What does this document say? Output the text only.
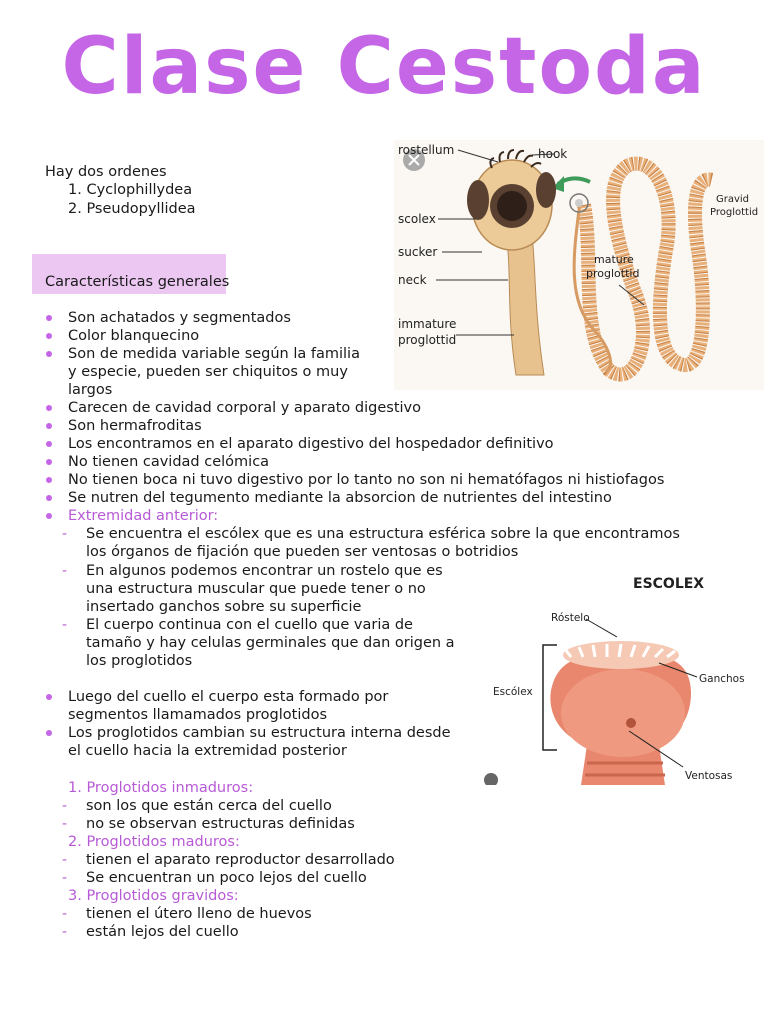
Clase Cestoda
Hay dos ordenes
1. Cyclophillydea
2. Pseudopyllidea
Características generales
Son achatados y segmentados
Color blanquecino
Son de medida variable según la familia
y especie, pueden ser chiquitos o muy
largos
Carecen de cavidad corporal y aparato digestivo
Son hermafroditas
Los encontramos en el aparato digestivo del hospedador definitivo
No tienen cavidad celómica
No tienen boca ni tuvo digestivo por lo tanto no son ni hematófagos ni histiofagos
Se nutren del tegumento mediante la absorcion de nutrientes del intestino
Extremidad anterior:
- Se encuentra el escólex que es una estructura esférica sobre la que encontramos
los órganos de fijación que pueden ser ventosas o botridios
- En algunos podemos encontrar un rostelo que es
una estructura muscular que puede tener o no
insertado ganchos sobre su superficie
- El cuerpo continua con el cuello que varia de
tamaño y hay celulas germinales que dan origen a
los proglotidos
Luego del cuello el cuerpo esta formado por
segmentos llamamados proglotidos
Los proglotidos cambian su estructura interna desde
el cuello hacia la extremidad posterior
1. Proglotidos inmaduros:
- son los que están cerca del cuello
- no se observan estructuras definidas
2. Proglotidos maduros:
- tienen el aparato reproductor desarrollado
- Se encuentran un poco lejos del cuello
3. Proglotidos gravidos:
- tienen el útero lleno de huevos
- están lejos del cuello
rostellum	hook
scolex
sucker
neck
immature
proglottid
mature
proglottid
Gravid
Proglottid
ESCOLEX
Róstelo
Escólex
Ganchos
Ventosas
